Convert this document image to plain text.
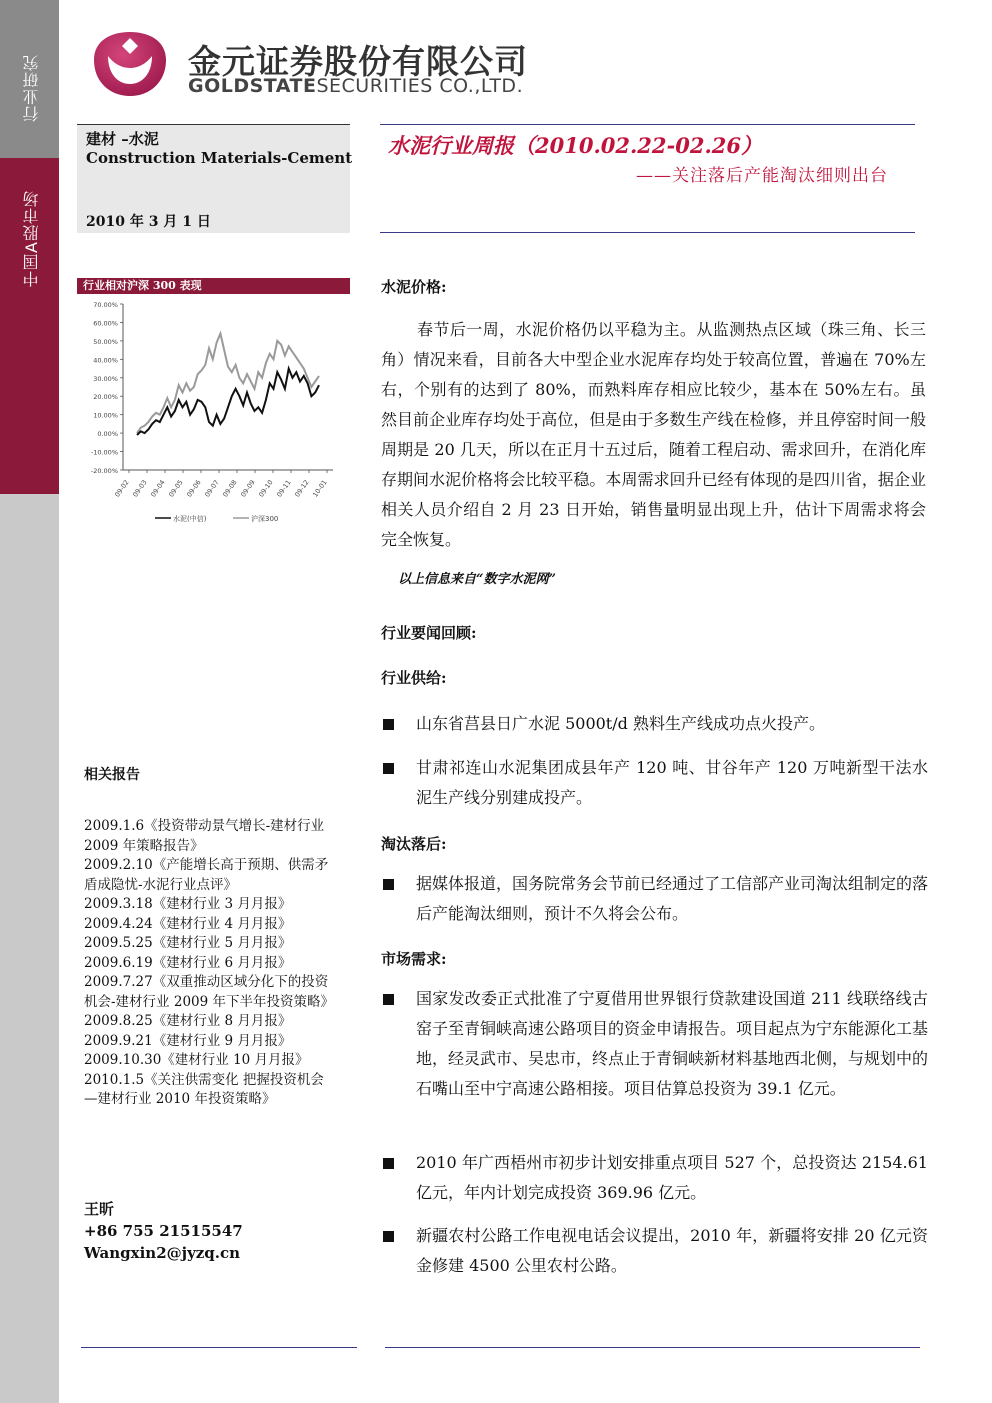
行业研究
中国A股市场
金元证券股份有限公司
GOLDSTATESECURITIES CO.,LTD.
建材 –水泥
Construction Materials-Cement
2010 年 3 月 1 日
水泥行业周报（2010.02.22-02.26）
——关注落后产能淘汰细则出台
行业相对沪深 300 表现
70.00%
60.00%
50.00%
40.00%
30.00%
20.00%
10.00%
0.00%
-10.00%
-20.00%
09-02 09-03 09-04 09-05 09-06 09-07 09-08 09-09 09-10 09-11 09-12 10-01
水泥(中信)	沪深300
水泥价格:
春节后一周，水泥价格仍以平稳为主。从监测热点区域（珠三角、长三角）情况来看，目前各大中型企业水泥库存均处于较高位置，普遍在 70%左右，个别有的达到了 80%，而熟料库存相应比较少，基本在 50%左右。虽然目前企业库存均处于高位，但是由于多数生产线在检修，并且停窑时间一般周期是 20 几天，所以在正月十五过后，随着工程启动、需求回升，在消化库存期间水泥价格将会比较平稳。本周需求回升已经有体现的是四川省，据企业相关人员介绍自 2 月 23 日开始，销售量明显出现上升，估计下周需求将会完全恢复。
以上信息来自“数字水泥网”
行业要闻回顾:
行业供给:
山东省莒县日广水泥 5000t/d 熟料生产线成功点火投产。
甘肃祁连山水泥集团成县年产 120 吨、甘谷年产 120 万吨新型干法水泥生产线分别建成投产。
淘汰落后:
据媒体报道，国务院常务会节前已经通过了工信部产业司淘汰组制定的落后产能淘汰细则，预计不久将会公布。
市场需求:
国家发改委正式批准了宁夏借用世界银行贷款建设国道 211 线联络线古窑子至青铜峡高速公路项目的资金申请报告。项目起点为宁东能源化工基地，经灵武市、吴忠市，终点止于青铜峡新材料基地西北侧，与规划中的石嘴山至中宁高速公路相接。项目估算总投资为 39.1 亿元。
2010 年广西梧州市初步计划安排重点项目 527 个，总投资达 2154.61 亿元，年内计划完成投资 369.96 亿元。
新疆农村公路工作电视电话会议提出，2010 年，新疆将安排 20 亿元资金修建 4500 公里农村公路。
相关报告
2009.1.6《投资带动景气增长-建材行业
2009 年策略报告》
2009.2.10《产能增长高于预期、供需矛
盾成隐忧-水泥行业点评》
2009.3.18《建材行业 3 月月报》
2009.4.24《建材行业 4 月月报》
2009.5.25《建材行业 5 月月报》
2009.6.19《建材行业 6 月月报》
2009.7.27《双重推动区域分化下的投资
机会-建材行业 2009 年下半年投资策略》
2009.8.25《建材行业 8 月月报》
2009.9.21《建材行业 9 月月报》
2009.10.30《建材行业 10 月月报》
2010.1.5《关注供需变化 把握投资机会
—建材行业 2010 年投资策略》
王昕
+86 755 21515547
Wangxin2@jyzq.cn
